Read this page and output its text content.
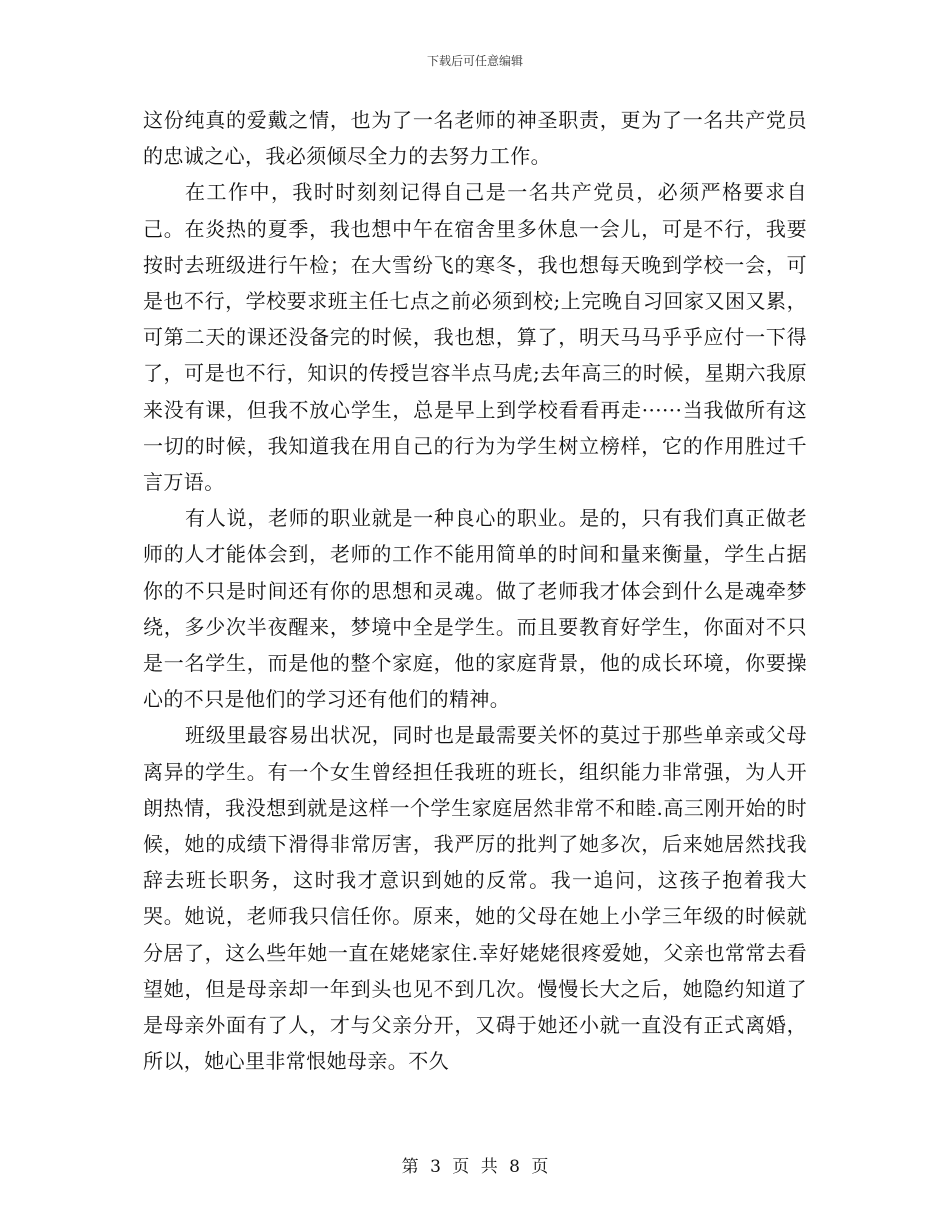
下载后可任意编辑

这份纯真的爱戴之情，也为了一名老师的神圣职责，更为了一名共产党员的忠诚之心，我必须倾尽全力的去努力工作。

在工作中，我时时刻刻记得自己是一名共产党员，必须严格要求自己。在炎热的夏季，我也想中午在宿舍里多休息一会儿，可是不行，我要按时去班级进行午检；在大雪纷飞的寒冬，我也想每天晚到学校一会，可是也不行，学校要求班主任七点之前必须到校;上完晚自习回家又困又累，可第二天的课还没备完的时候，我也想，算了，明天马马乎乎应付一下得了，可是也不行，知识的传授岂容半点马虎;去年高三的时候，星期六我原来没有课，但我不放心学生，总是早上到学校看看再走······当我做所有这一切的时候，我知道我在用自己的行为为学生树立榜样，它的作用胜过千言万语。

有人说，老师的职业就是一种良心的职业。是的，只有我们真正做老师的人才能体会到，老师的工作不能用简单的时间和量来衡量，学生占据你的不只是时间还有你的思想和灵魂。做了老师我才体会到什么是魂牵梦绕，多少次半夜醒来，梦境中全是学生。而且要教育好学生，你面对不只是一名学生，而是他的整个家庭，他的家庭背景，他的成长环境，你要操心的不只是他们的学习还有他们的精神。

班级里最容易出状况，同时也是最需要关怀的莫过于那些单亲或父母离异的学生。有一个女生曾经担任我班的班长，组织能力非常强，为人开朗热情，我没想到就是这样一个学生家庭居然非常不和睦.高三刚开始的时候，她的成绩下滑得非常厉害，我严厉的批判了她多次，后来她居然找我辞去班长职务，这时我才意识到她的反常。我一追问，这孩子抱着我大哭。她说，老师我只信任你。原来，她的父母在她上小学三年级的时候就分居了，这么些年她一直在姥姥家住.幸好姥姥很疼爱她，父亲也常常去看望她，但是母亲却一年到头也见不到几次。慢慢长大之后，她隐约知道了是母亲外面有了人，才与父亲分开，又碍于她还小就一直没有正式离婚，所以，她心里非常恨她母亲。不久

第 3 页 共 8 页
